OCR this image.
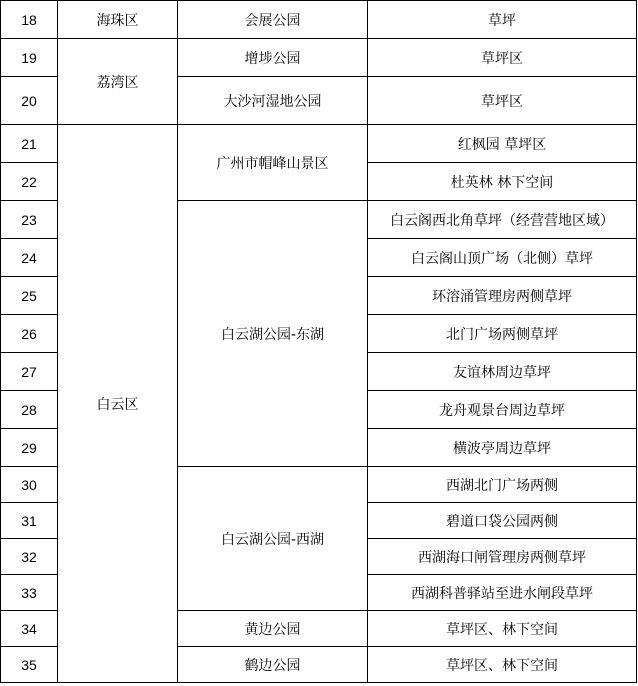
18	海珠区	会展公园	草坪
19	荔湾区	增埗公园	草坪区
20		大沙河湿地公园	草坪区
21	白云区	广州市帽峰山景区	红枫园 草坪区
22			杜英林 林下空间
23		白云湖公园-东湖	白云阁西北角草坪（经营营地区域）
24			白云阁山顶广场（北侧）草坪
25			环溶涌管理房两侧草坪
26			北门广场两侧草坪
27			友谊林周边草坪
28			龙舟观景台周边草坪
29			横波亭周边草坪
30		白云湖公园-西湖	西湖北门广场两侧
31			碧道口袋公园两侧
32			西湖海口闸管理房两侧草坪
33			西湖科普驿站至进水闸段草坪
34		黄边公园	草坪区、林下空间
35		鹤边公园	草坪区、林下空间
